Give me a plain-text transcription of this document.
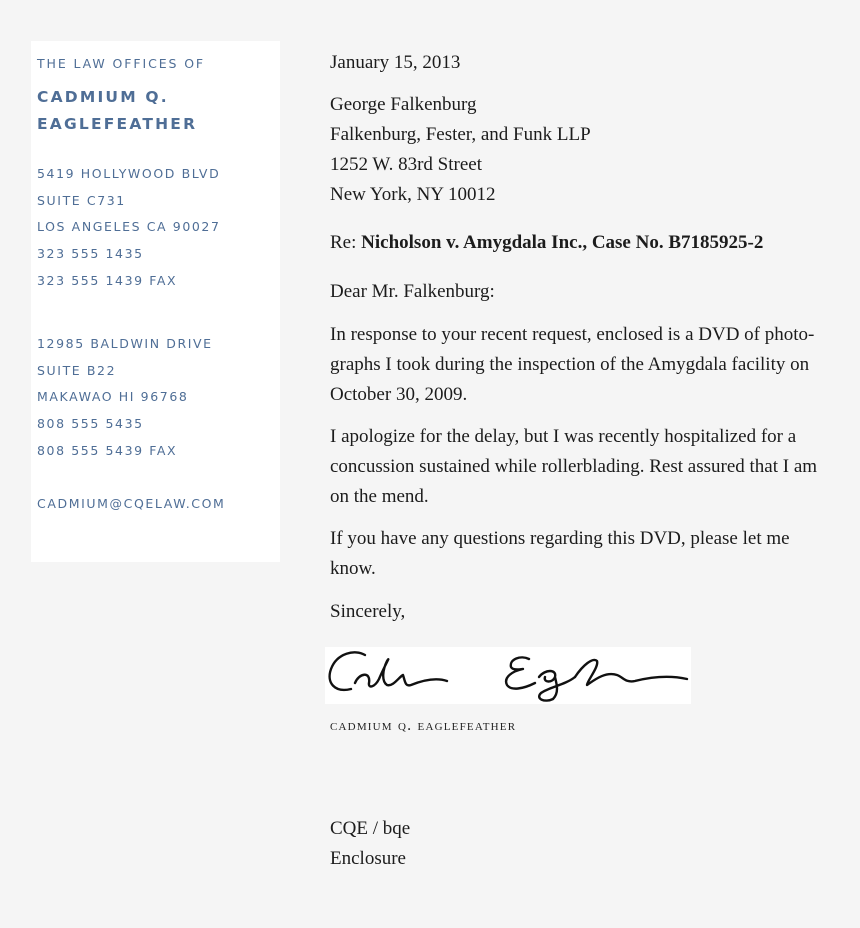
THE LAW OFFICES OF
CADMIUM Q.
EAGLEFEATHER
5419 HOLLYWOOD BLVD
SUITE C731
LOS ANGELES CA 90027
323 555 1435
323 555 1439 FAX
12985 BALDWIN DRIVE
SUITE B22
MAKAWAO HI 96768
808 555 5435
808 555 5439 FAX
CADMIUM@CQELAW.COM
January 15, 2013
George Falkenburg
Falkenburg, Fester, and Funk LLP
1252 W. 83rd Street
New York, NY 10012
Re: Nicholson v. Amygdala Inc., Case No. B7185925-2
Dear Mr. Falkenburg:
In response to your recent request, enclosed is a DVD of photo-
graphs I took during the inspection of the Amygdala facility on
October 30, 2009.
I apologize for the delay, but I was recently hospitalized for a
concussion sustained while rollerblading. Rest assured that I am
on the mend.
If you have any questions regarding this DVD, please let me
know.
Sincerely,
cadmium q. eaglefeather
CQE / bqe
Enclosure
